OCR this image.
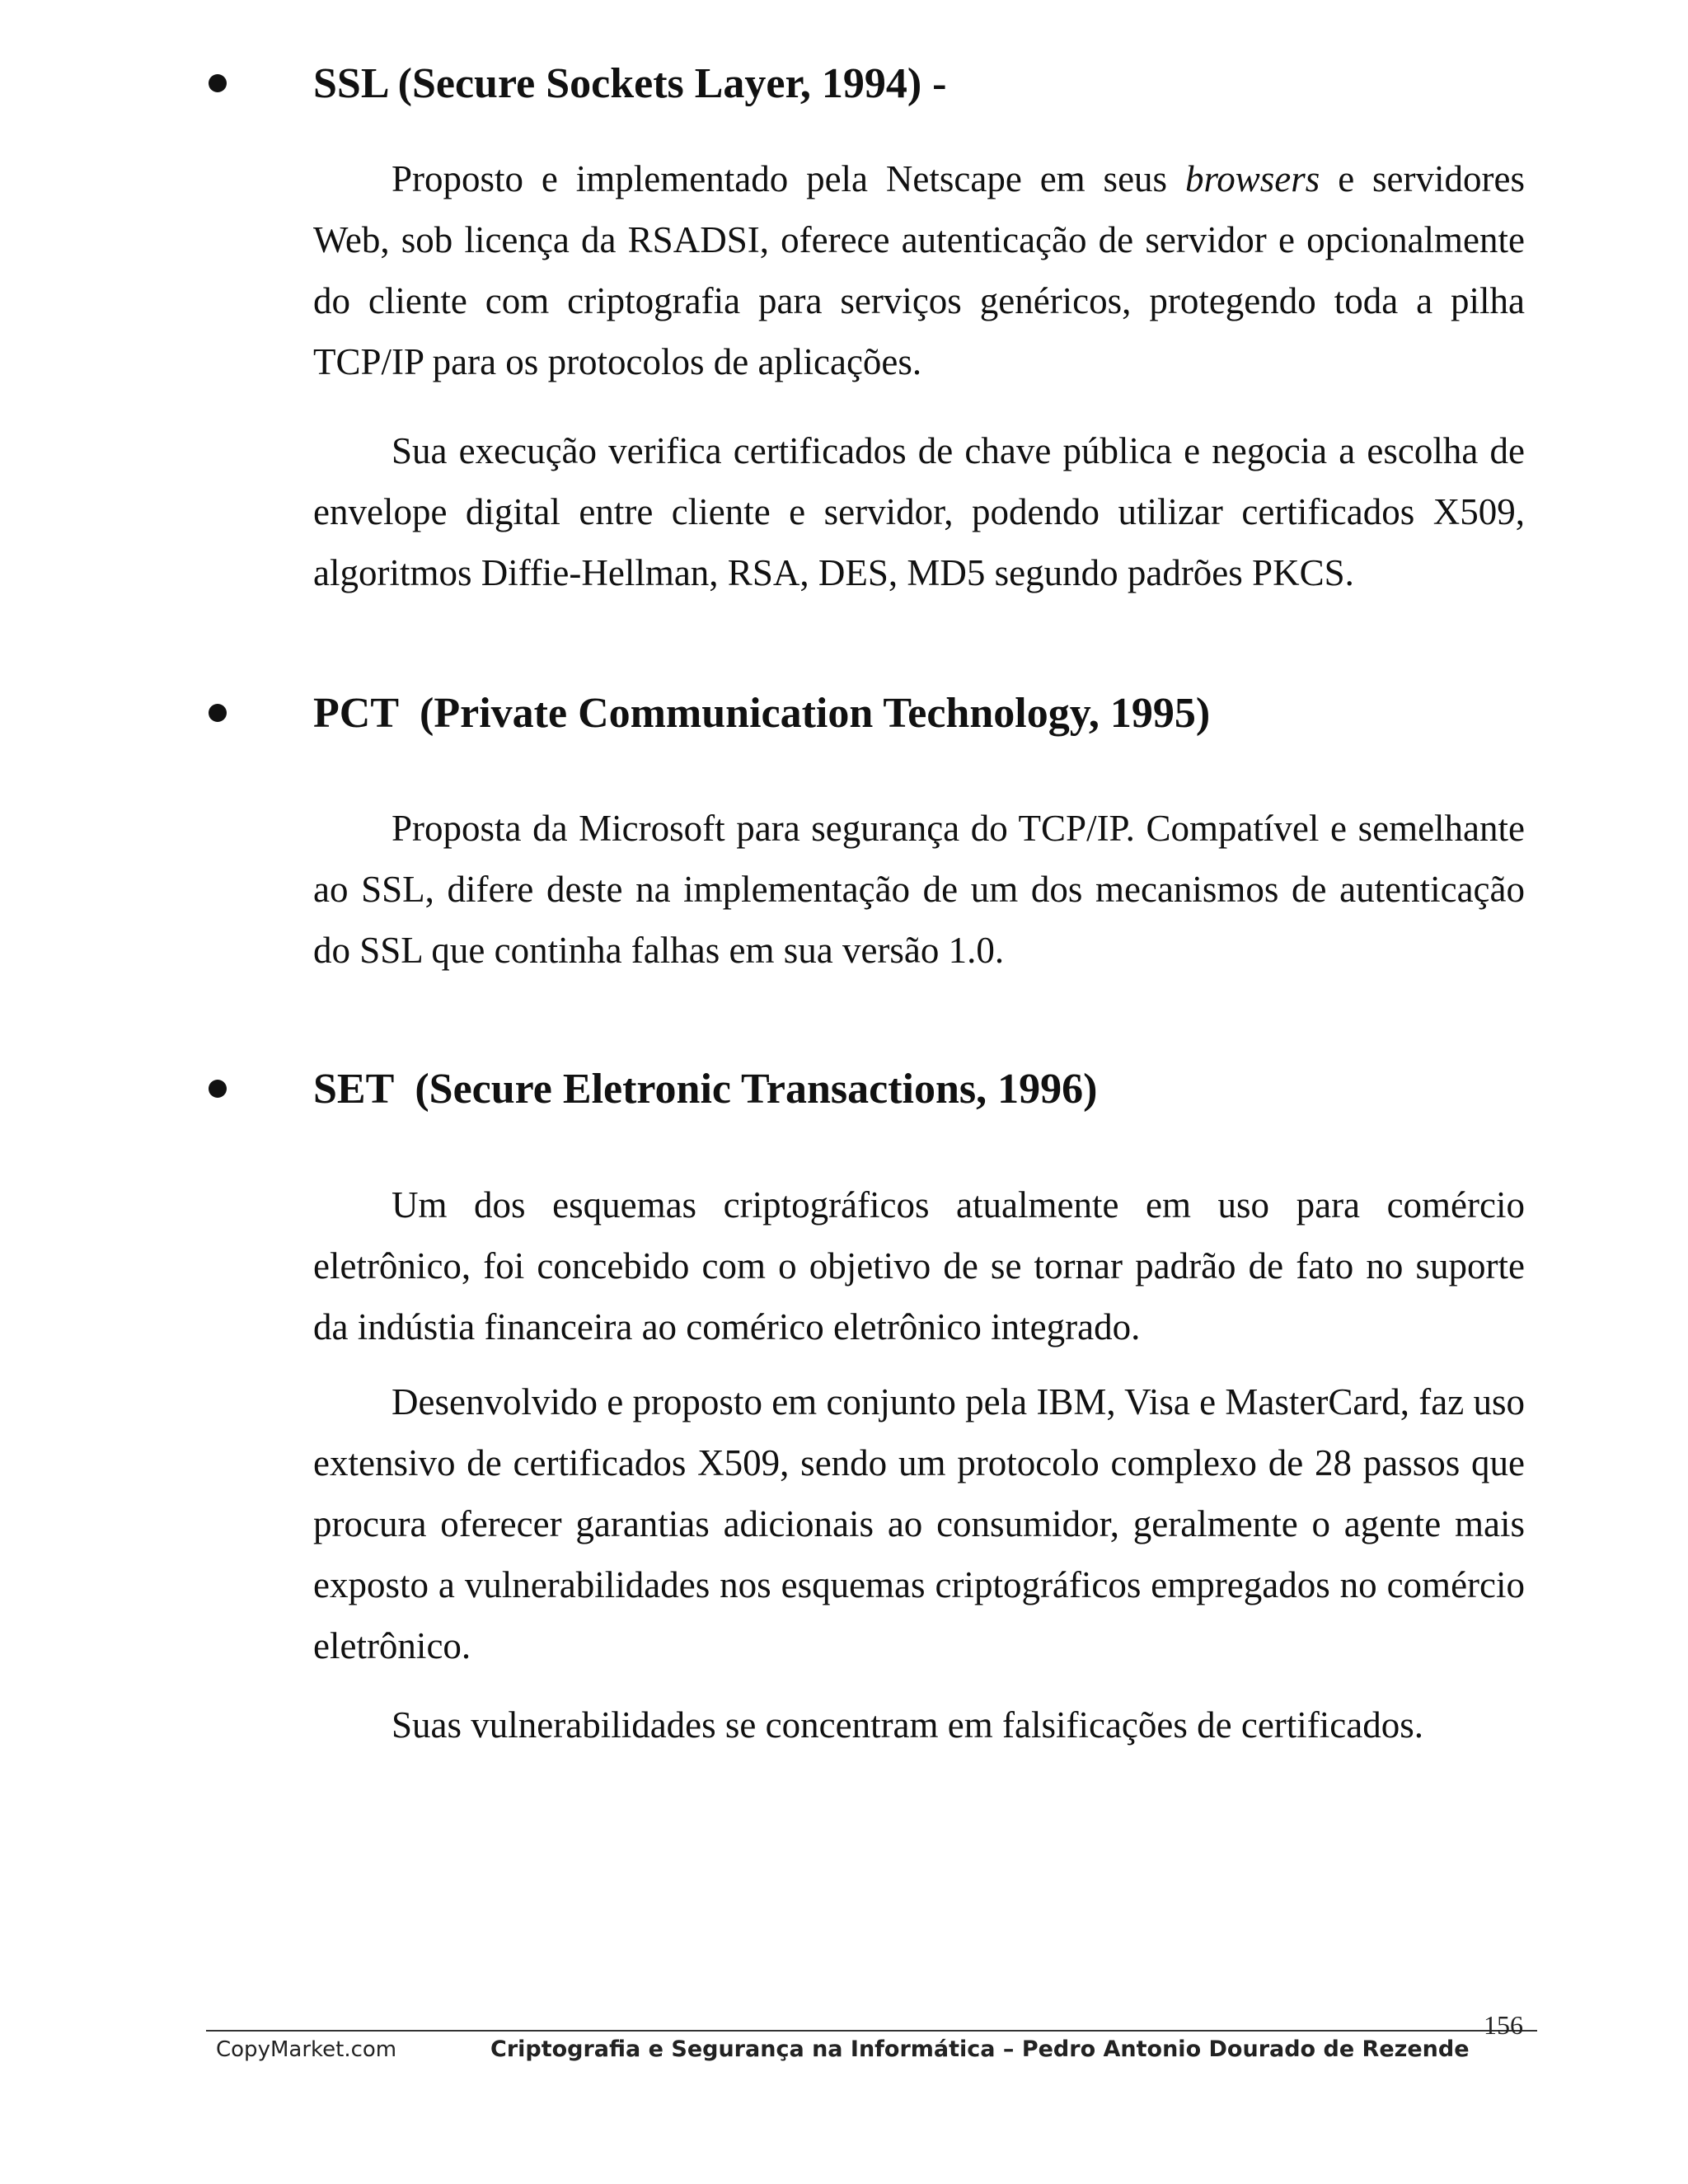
SSL (Secure Sockets Layer, 1994) -

Proposto e implementado pela Netscape em seus browsers e servidores Web, sob licença da RSADSI, oferece autenticação de servidor e opcionalmente do cliente com criptografia para serviços genéricos, protegendo toda a pilha TCP/IP para os protocolos de aplicações.

Sua execução verifica certificados de chave pública e negocia a escolha de envelope digital entre cliente e servidor, podendo utilizar certificados X509, algoritmos Diffie-Hellman, RSA, DES, MD5 segundo padrões PKCS.

PCT  (Private Communication Technology, 1995)

Proposta da Microsoft para segurança do TCP/IP. Compatível e semelhante ao SSL, difere deste na implementação de um dos mecanismos de autenticação do SSL que continha falhas em sua versão 1.0.

SET  (Secure Eletronic Transactions, 1996)

Um dos esquemas criptográficos atualmente em uso para comércio eletrônico, foi concebido com o objetivo de se tornar padrão de fato no suporte da indústia financeira ao comérico eletrônico integrado.

Desenvolvido e proposto em conjunto pela IBM, Visa e MasterCard, faz uso extensivo de certificados X509, sendo um protocolo complexo de 28 passos que procura oferecer garantias adicionais ao consumidor, geralmente o agente mais exposto a vulnerabilidades nos esquemas criptográficos empregados no comércio eletrônico.

Suas vulnerabilidades se concentram em falsificações de certificados.

CopyMarket.com	Criptografia e Segurança na Informática – Pedro Antonio Dourado de Rezende
156
